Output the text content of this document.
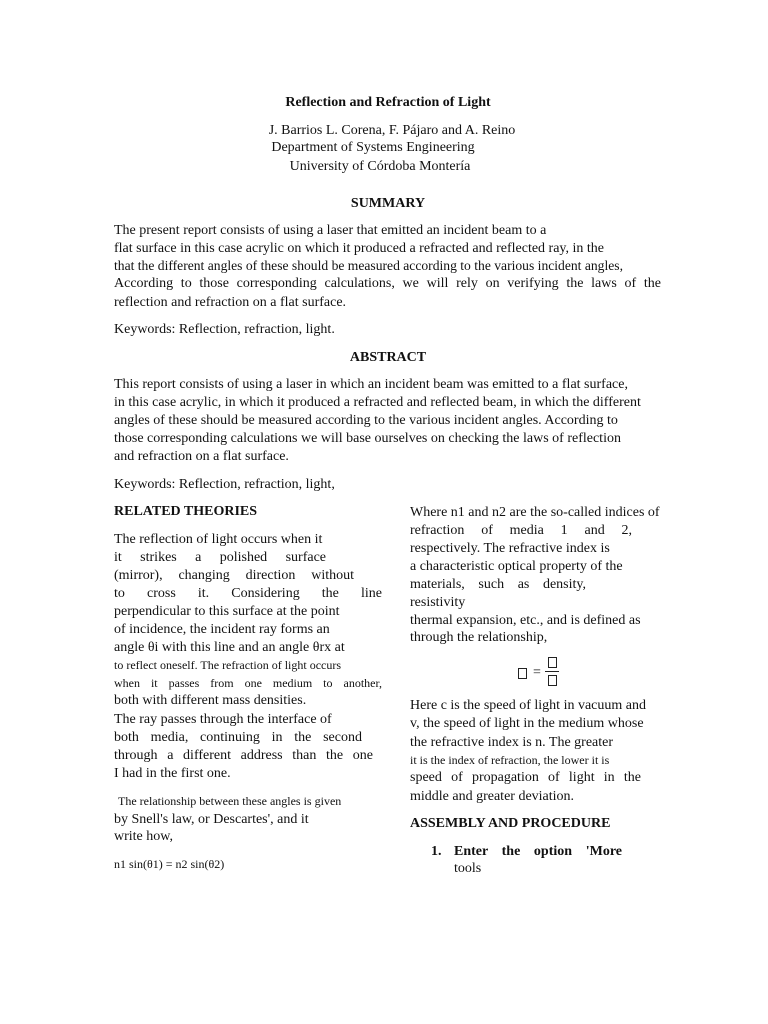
Reflection and Refraction of Light
J. Barrios L. Corena, F. Pájaro and A. Reino
Department of Systems Engineering
University of Córdoba Montería
SUMMARY
The present report consists of using a laser that emitted an incident beam to a
flat surface in this case acrylic on which it produced a refracted and reflected ray, in the
that the different angles of these should be measured according to the various incident angles,
According to those corresponding calculations, we will rely on verifying the laws of the
reflection and refraction on a flat surface.
Keywords: Reflection, refraction, light.
ABSTRACT
This report consists of using a laser in which an incident beam was emitted to a flat surface,
in this case acrylic, in which it produced a refracted and reflected beam, in which the different
angles of these should be measured according to the various incident angles. According to
those corresponding calculations we will base ourselves on checking the laws of reflection
and refraction on a flat surface.
Keywords: Reflection, refraction, light,
RELATED THEORIES
The reflection of light occurs when it
it strikes a polished surface
(mirror), changing direction without
to cross it. Considering the line
perpendicular to this surface at the point
of incidence, the incident ray forms an
angle θi with this line and an angle θrx at
to reflect oneself. The refraction of light occurs
when it passes from one medium to another,
both with different mass densities.
The ray passes through the interface of
both media, continuing in the second
through a different address than the one
I had in the first one.
The relationship between these angles is given
by Snell's law, or Descartes', and it
write how,
n1 sin(θ1) = n2 sin(θ2)
Where n1 and n2 are the so-called indices of
refraction of media 1 and 2,
respectively. The refractive index is
a characteristic optical property of the
materials, such as density,
resistivity
thermal expansion, etc., and is defined as
through the relationship,
=
Here c is the speed of light in vacuum and
v, the speed of light in the medium whose
the refractive index is n. The greater
it is the index of refraction, the lower it is
speed of propagation of light in the
middle and greater deviation.
ASSEMBLY AND PROCEDURE
1. Enter the option 'More
tools
